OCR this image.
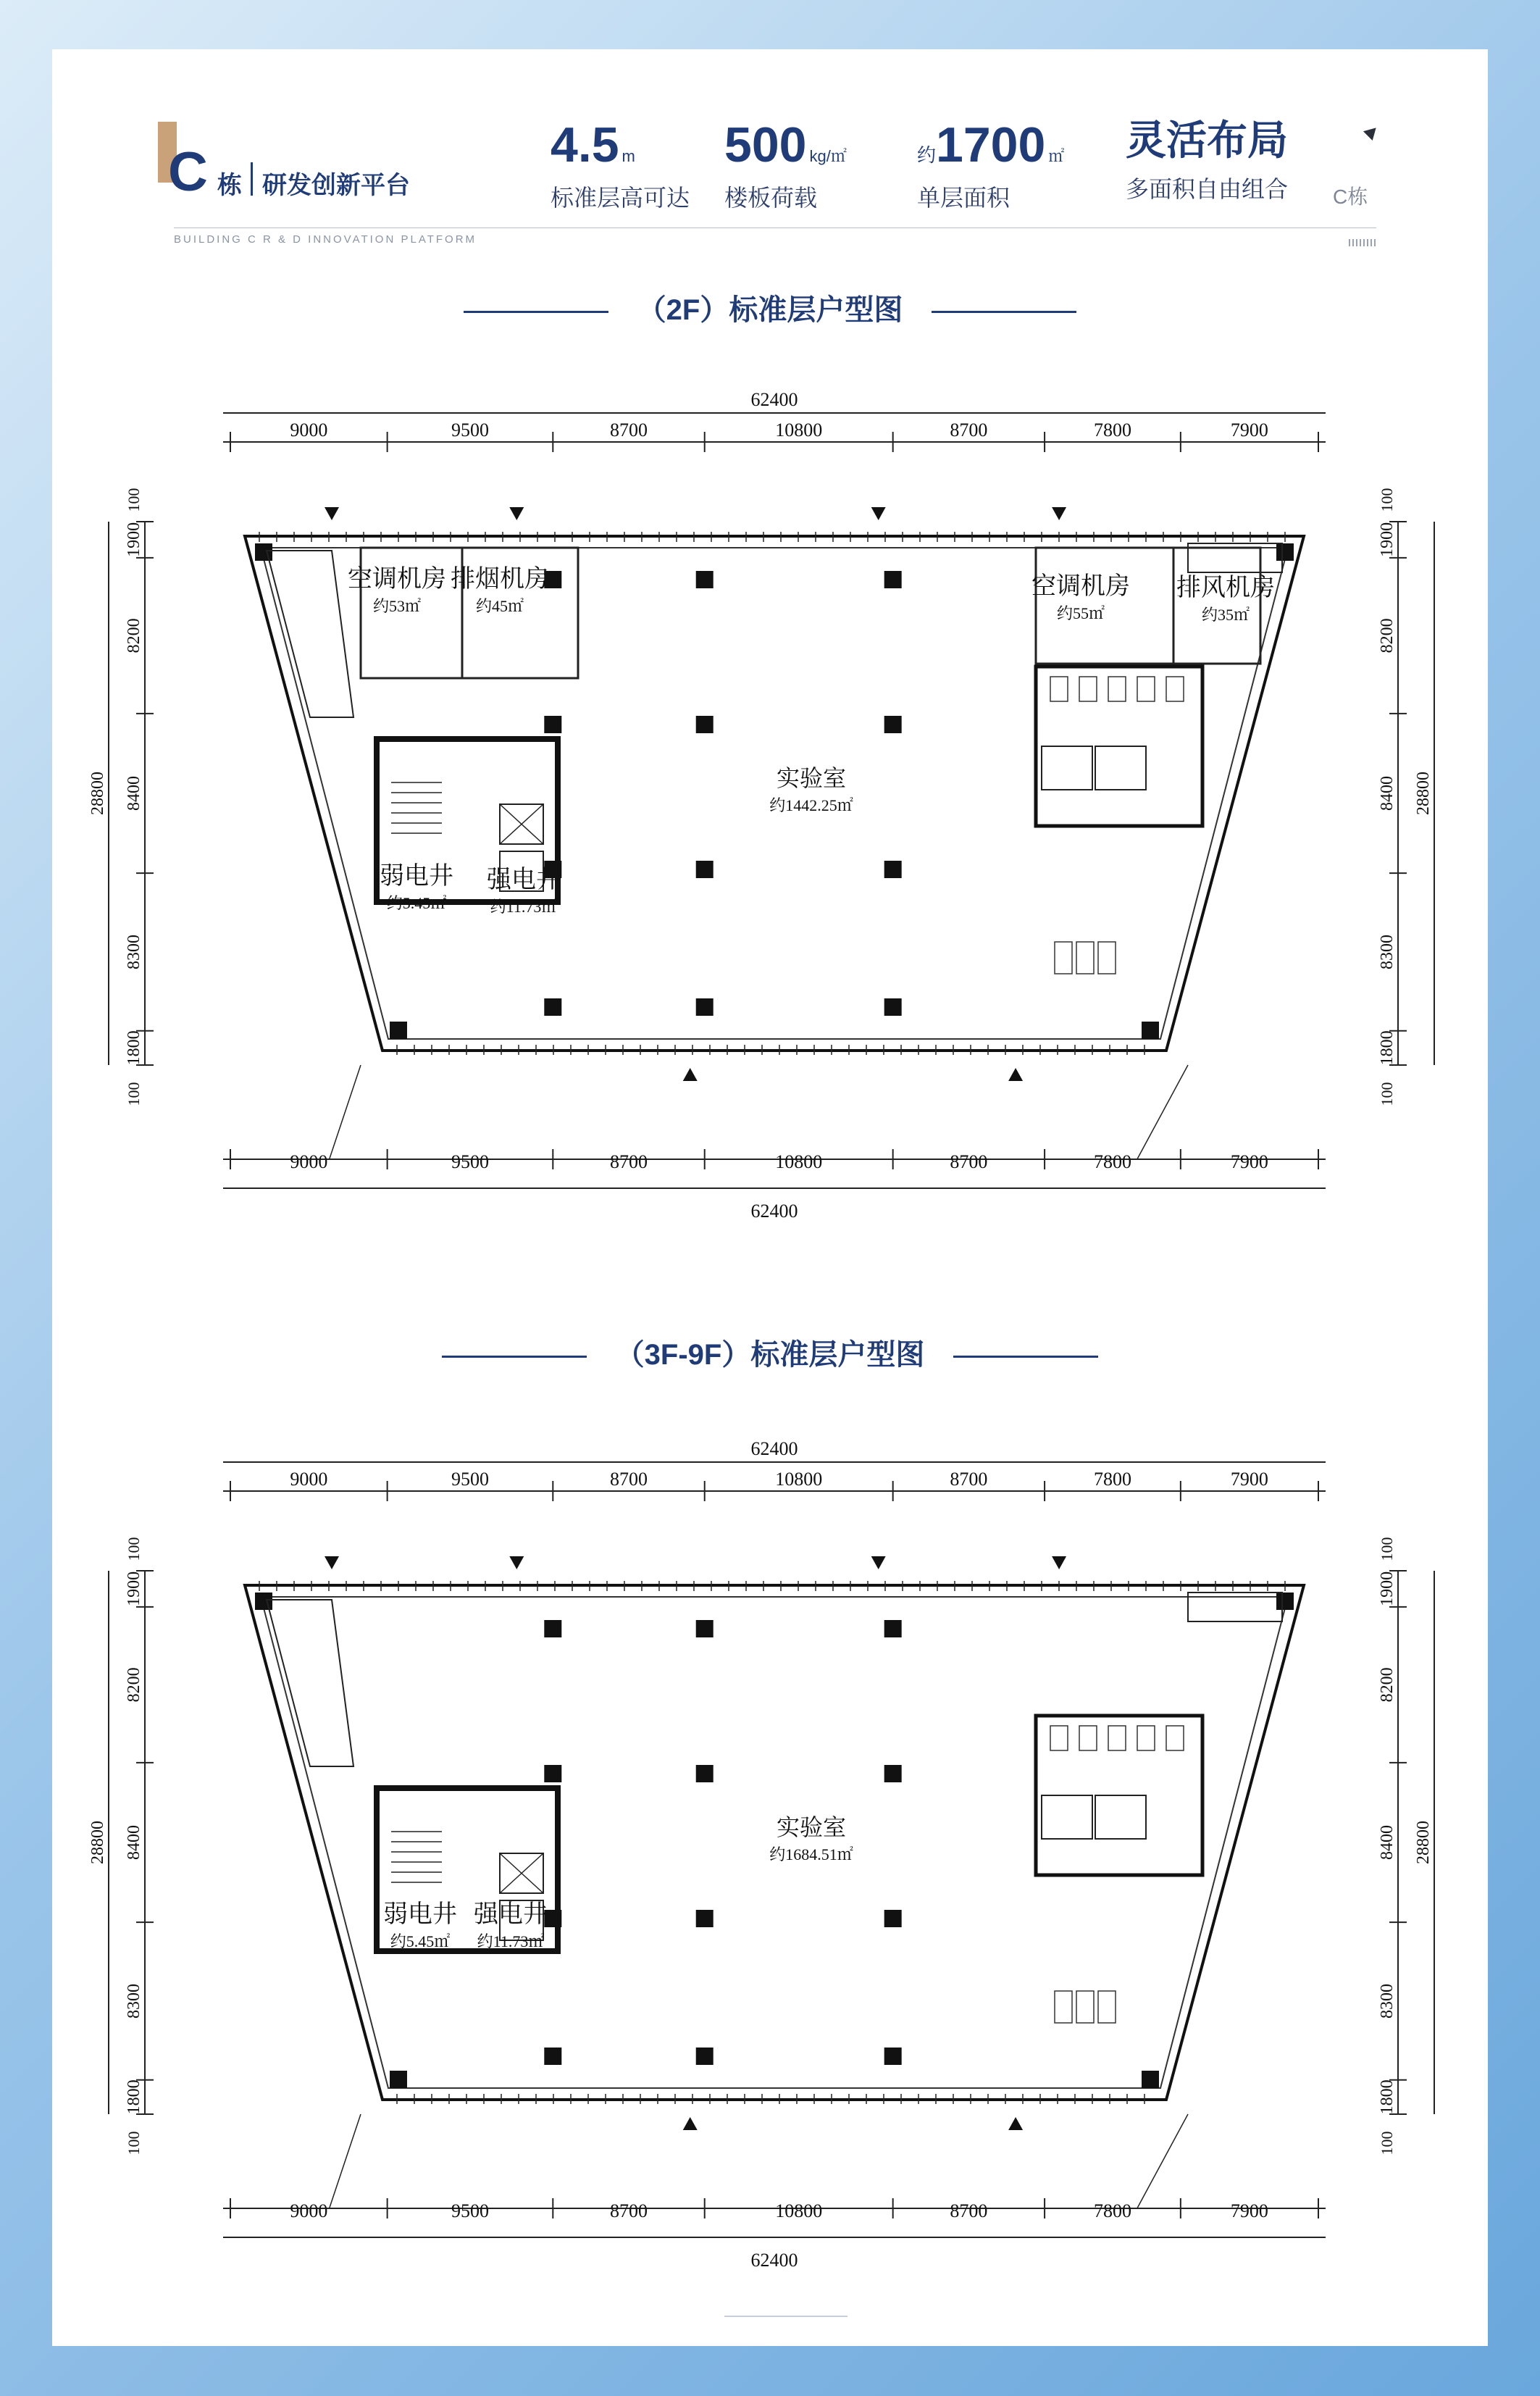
C 栋 研发创新平台
BUILDING C R & D INNOVATION PLATFORM
4.5 m
标准层高可达
500 kg/㎡
楼板荷载
约1700 ㎡
单层面积
灵活布局
多面积自由组合 C栋
（2F）标准层户型图
62400
9000	9500	8700	10800	8700	7800	7900
1900
8200
8400
8300
1800
28800
100
100
1900
8200
8400
8300
1800
28800
100
100
空调机房
约53㎡
排烟机房
约45㎡
空调机房
约55㎡
排风机房
约35㎡
实验室
约1442.25㎡
弱电井
约5.45㎡
强电井
约11.73㎡
9000	9500	8700	10800	8700	7800	7900
62400
（3F-9F）标准层户型图
62400
9000	9500	8700	10800	8700	7800	7900
1900
8200
8400
8300
1800
28800
100
100
1900
8200
8400
8300
1800
28800
100
100
实验室
约1684.51㎡
弱电井
约5.45㎡
强电井
约11.73㎡
9000	9500	8700	10800	8700	7800	7900
62400
